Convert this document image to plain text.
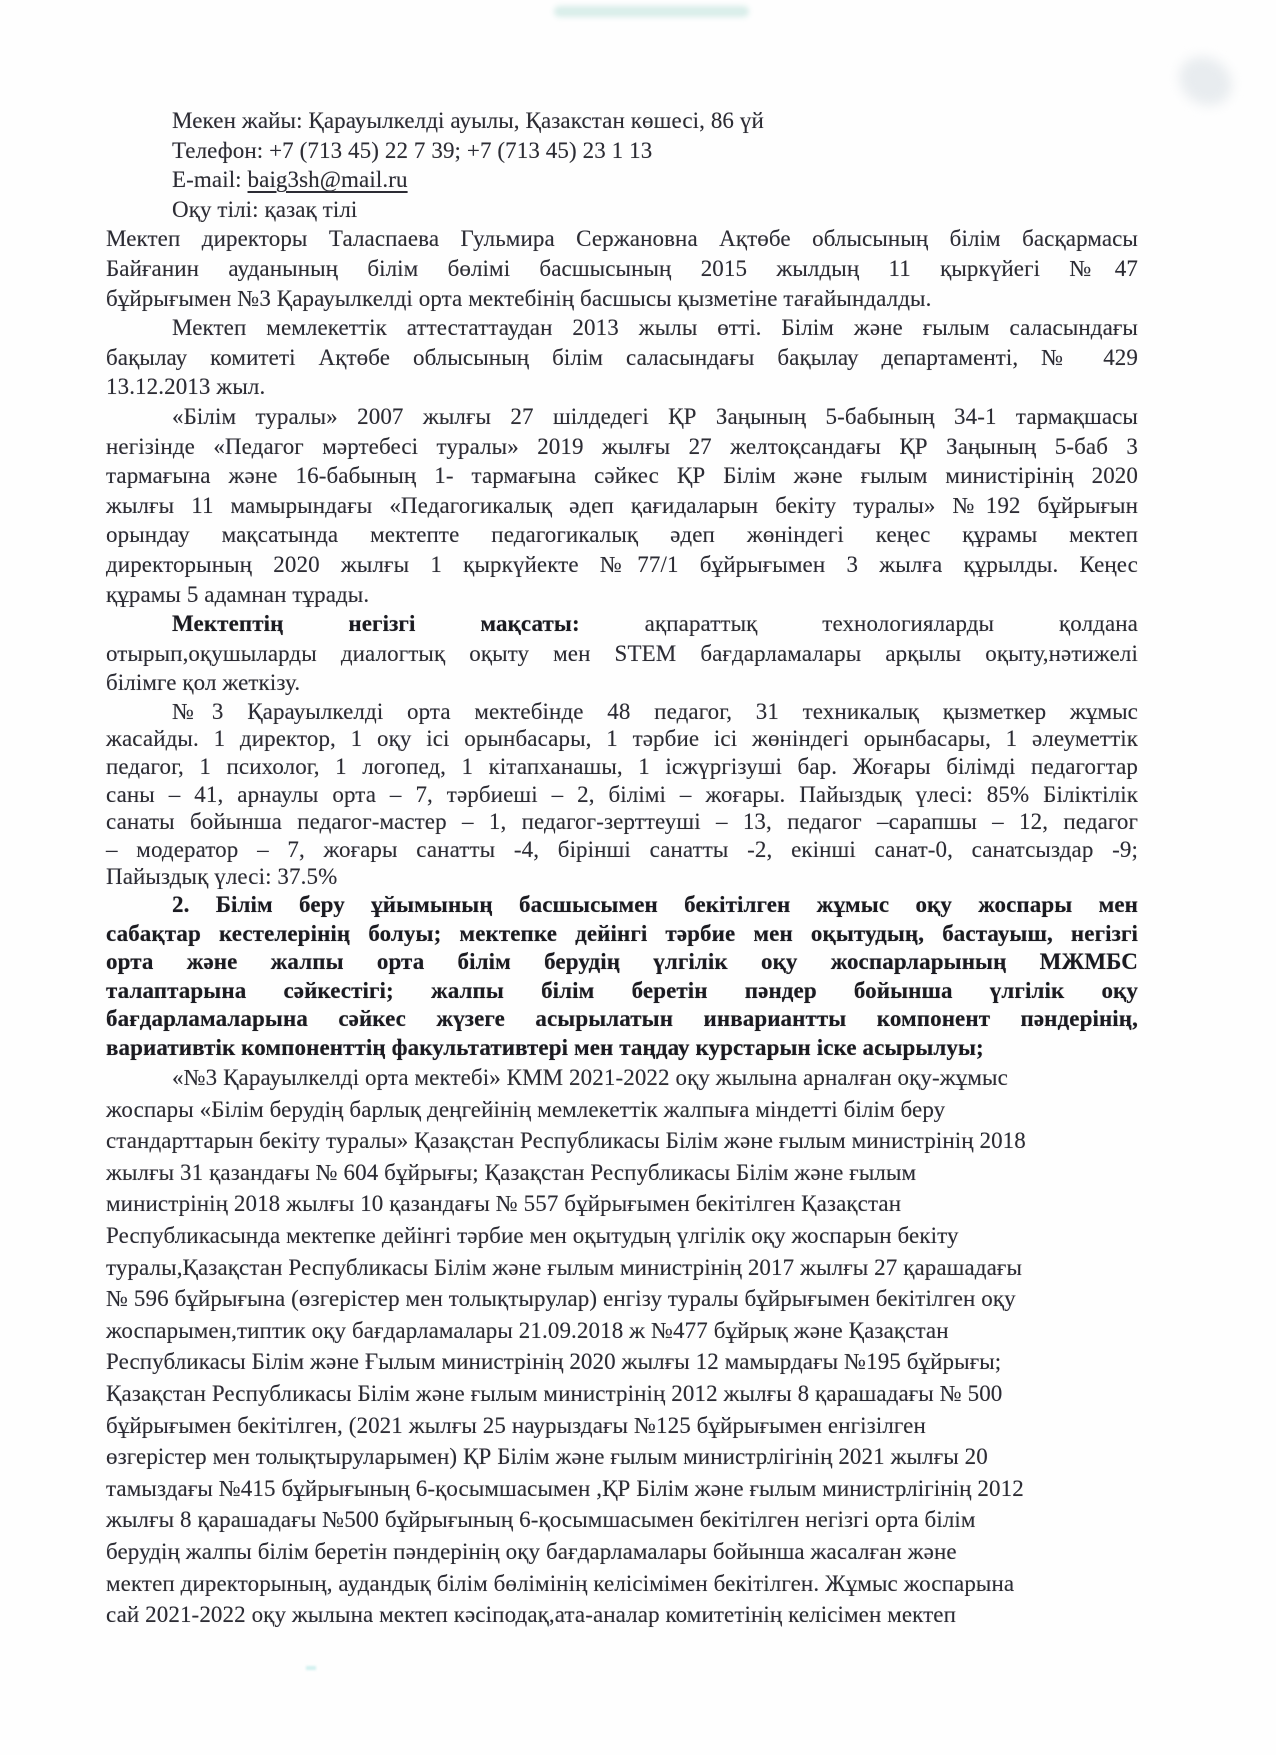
Мекен жайы: Қарауылкелді ауылы, Қазакстан көшесі, 86 үй
Телефон: +7 (713 45) 22 7 39; +7 (713 45) 23 1 13
E-mail: baig3sh@mail.ru
Оқу тілі: қазақ тілі
Мектеп директоры Таласпаева Гульмира Сержановна Ақтөбе облысының білім басқармасы
Байғанин ауданының білім бөлімі басшысының 2015 жылдың 11 қыркүйегі №47
бұйрығымен №3 Қарауылкелді орта мектебінің басшысы қызметіне тағайындалды.
Мектеп мемлекеттік аттестаттаудан 2013 жылы өтті. Білім және ғылым саласындағы
бақылау комитеті Ақтөбе облысының білім саласындағы бақылау департаменті, № 429
13.12.2013 жыл.
«Білім туралы» 2007 жылғы 27 шілдедегі ҚР Заңының 5-бабының 34-1 тармақшасы
негізінде «Педагог мәртебесі туралы» 2019 жылғы 27 желтоқсандағы ҚР Заңының 5-баб 3
тармағына және 16-бабының 1- тармағына сәйкес ҚР Білім және ғылым министірінің 2020
жылғы 11 мамырындағы «Педагогикалық әдеп қағидаларын бекіту туралы» №192 бұйрығын
орындау мақсатында мектепте педагогикалық әдеп жөніндегі кеңес құрамы мектеп
директорының 2020 жылғы 1 қыркүйекте №77/1 бұйрығымен 3 жылға құрылды. Кеңес
құрамы 5 адамнан тұрады.
Мектептің негізгі мақсаты: ақпараттық технологияларды қолдана
отырып,оқушыларды диалогтық оқыту мен STEM бағдарламалары арқылы оқыту,нәтижелі
білімге қол жеткізу.
№3 Қарауылкелді орта мектебінде 48 педагог, 31 техникалық қызметкер жұмыс
жасайды. 1 директор, 1 оқу ісі орынбасары, 1 тәрбие ісі жөніндегі орынбасары, 1 әлеуметтік
педагог, 1 психолог, 1 логопед, 1 кітапханашы, 1 ісжүргізуші бар. Жоғары білімді педагогтар
саны – 41, арнаулы орта – 7, тәрбиеші – 2, білімі – жоғары. Пайыздық үлесі: 85% Біліктілік
санаты бойынша педагог-мастер – 1, педагог-зерттеуші – 13, педагог –сарапшы – 12, педагог
– модератор – 7, жоғары санатты -4, бірінші санатты -2, екінші санат-0, санатсыздар -9;
Пайыздық үлесі: 37.5%
2. Білім беру ұйымының басшысымен бекітілген жұмыс оқу жоспары мен
сабақтар кестелерінің болуы; мектепке дейінгі тәрбие мен оқытудың, бастауыш, негізгі
орта және жалпы орта білім берудің үлгілік оқу жоспарларының МЖМБС
талаптарына сәйкестігі; жалпы білім беретін пәндер бойынша үлгілік оқу
бағдарламаларына сәйкес жүзеге асырылатын инвариантты компонент пәндерінің,
вариативтік компоненттің факультативтері мен таңдау курстарын іске асырылуы;
«№3 Қарауылкелді орта мектебі» КММ 2021-2022 оқу жылына арналған оқу-жұмыс
жоспары «Білім берудің барлық деңгейінің мемлекеттік жалпыға міндетті білім беру
стандарттарын бекіту туралы» Қазақстан Республикасы Білім және ғылым министрінің 2018
жылғы 31 қазандағы № 604 бұйрығы; Қазақстан Республикасы Білім және ғылым
министрінің 2018 жылғы 10 қазандағы № 557 бұйрығымен бекітілген Қазақстан
Республикасында мектепке дейінгі тәрбие мен оқытудың үлгілік оқу жоспарын бекіту
туралы,Қазақстан Республикасы Білім және ғылым министрінің 2017 жылғы 27 қарашадағы
№ 596 бұйрығына (өзгерістер мен толықтырулар) енгізу туралы бұйрығымен бекітілген оқу
жоспарымен,типтик оқу бағдарламалары 21.09.2018 ж №477 бұйрық және Қазақстан
Республикасы Білім және Ғылым министрінің 2020 жылғы 12 мамырдағы №195 бұйрығы;
Қазақстан Республикасы Білім және ғылым министрінің 2012 жылғы 8 қарашадағы № 500
бұйрығымен бекітілген, (2021 жылғы 25 наурыздағы №125 бұйрығымен енгізілген
өзгерістер мен толықтыруларымен) ҚР Білім және ғылым министрлігінің 2021 жылғы 20
тамыздағы №415 бұйрығының 6-қосымшасымен ,ҚР Білім және ғылым министрлігінің 2012
жылғы 8 қарашадағы №500 бұйрығының 6-қосымшасымен бекітілген негізгі орта білім
берудің жалпы білім беретін пәндерінің оқу бағдарламалары бойынша жасалған және
мектеп директорының, аудандық білім бөлімінің келісімімен бекітілген. Жұмыс жоспарына
сай 2021-2022 оқу жылына мектеп кәсіподақ,ата-аналар комитетінің келісімен мектеп
